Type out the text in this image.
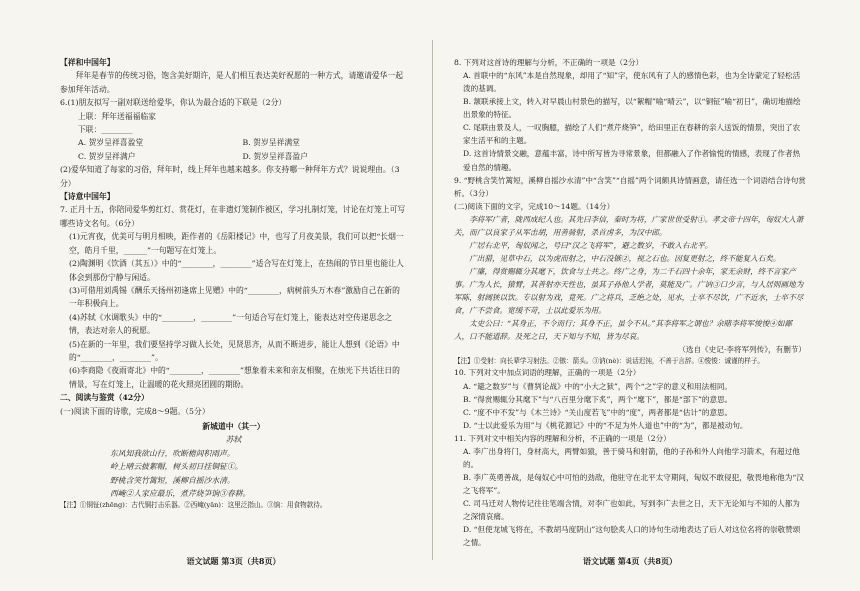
【祥和中国年】

拜年是春节的传统习俗，饱含美好期许，是人们相互表达美好祝愿的一种方式，请邀请爱华一起参加拜年活动。

6.(1)朋友拟写一副对联送给爱华，你认为最合适的下联是（2分）

上联：拜年送福福临家

下联：________

A. 贺岁呈祥喜盈堂	B. 贺岁呈祥满堂
C. 贺岁呈祥满户	D. 贺岁呈祥喜盈户

(2)爱华知道了每家的习俗，拜年时，线上拜年也越来越多。你支持哪一种拜年方式？说说理由。（3分）

【诗意中国年】

7. 正月十五，你陪同爱华剪红灯、赏花灯，在非遗灯笼制作被区，学习扎制灯笼，讨论在灯笼上可写哪些诗文名句。（6分）

(1)元宵夜，优美可与明月相映，距作者的《岳阳楼记》中，也写了月夜美景，我们可以把“长烟一空，皓月千里，______”一句题写在灯笼上。

(2)陶渊明《饮酒（其五）》中的“________，________”适合写在灯笼上，在热闹的节日里也能让人体会到那份宁静与闲适。

(3)可借用刘禹锡《酬乐天扬州初逢席上见赠》中的“________，病树前头万木春”激励自己在新的一年积极向上。

(4)苏轼《水调歌头》中的“________，________”一句适合写在灯笼上，能表达对空传递思念之情，表达对亲人的祝愿。

(5)在新的一年里，我们要坚持学习做人长处，见贤思齐，从而不断进步，能让人想到《论语》中的“________，________”。

(6)李商隐《夜雨寄北》中的“________，________”想象着未来和亲友相聚，在烛光下共话往日的情景，写在灯笼上，让温暖的花火照亮团圆的期盼。

二、阅读与鉴赏（42分）

(一)阅读下面的诗歌，完成8～9题。（5分）

新城道中（其一）

苏轼

东风知我欲山行，吹断檐间积雨声。

岭上晴云披絮帽，树头初日挂铜钲①。

野桃含笑竹篱短，溪柳自摇沙水清。

西崦②人家应最乐，煮芹烧笋饷③春耕。

【注】①铜钲(zhēng)：古代铜打击乐器。②西崦(yān)：这里泛指山。③饷：用食物款待。

语文试题 第3页（共8页）

8. 下列对这首诗的理解与分析，不正确的一项是（2分）

A. 首联中的“东风”本是自然现象，却用了“知”字，使东风有了人的感情色彩，也为全诗蒙定了轻松活泼的基调。

B. 颔联承接上文，转入对早晨山村景色的描写，以“絮帽”喻“晴云”，以“铜钲”喻“初日”，确切地描绘出景象的特征。

C. 尾联由景及人，一叹胸臆，描绘了人们“煮芹烧笋”，给田里正在春耕的亲人送饭的情景，突出了农家生活平和的主题。

D. 这首诗情景交融，意蕴丰富，诗中所写皆为寻常景象，但都融入了作者愉悦的情感，表现了作者热爱自然的情趣。

9. “野桃含笑竹篱短，溪柳自摇沙水清”中“含笑”“自摇”两个词颇具诗情画意，请任选一个词语结合诗句赏析。（3分）

(二)阅读下面的文字，完成10～14题。（14分）

李将军广者，陇西成纪人也。其先曰李信，秦时为将，广家世世受射①。孝文帝十四年，匈奴大入萧关，而广以良家子从军击胡，用善骑射，杀首虏多，为汉中郎。

广居右北平，匈奴闻之，号曰“汉之飞将军”，避之数岁，不敢入右北平。

广出猎，见草中石，以为虎而射之，中石没镞②，视之石也。因复更射之，终不能复入石矣。

广廉，得赏赐辄分其麾下，饮食与士共之。终广之身，为二千石四十余年，家无余财，终不言家产事。广为人长，猿臂，其善射亦天性也，虽其子孙他人学者，莫能及广。广讷③口少言，与人居则画地为军陈，射阔狭以饮。专以射为戏，竟死。广之将兵，乏绝之处，见水，士卒不尽饮，广不近水，士卒不尽食，广不尝食。宽缓不苛，士以此爱乐为用。

太史公曰：“其身正，不令而行；其身不正，虽令不从。”其李将军之谓也？余睹李将军悛悛④如鄙人，口不能道辞。及死之日，天下知与不知，皆为尽哀。

（选自《史记·李将军列传》，有删节）

【注】①受射：向长辈学习射法。②镞：箭头。③讷(nè)：说话迟钝，不善于言辞。④悛悛：诚谨的样子。

10. 下列对文中加点词语的理解，正确的一项是（2分）

A. “避之数岁”与《曹刿论战》中的“小大之狱”，两个“之”字的意义和用法相同。

B. “得赏赐辄分其麾下”与“八百里分麾下炙”，两个“麾下”，都是“部下”的意思。

C. “度不中不发”与《木兰诗》“关山度若飞”中的“度”，两者都是“估计”的意思。

D. “士以此爱乐为用”与《桃花源记》中的“不足为外人道也”中的“为”，都是被动句。

11. 下列对文中相关内容的理解和分析，不正确的一项是（2分）

A. 李广出身将门，身材高大，两臂如猿，善于骑马和射箭，他的子孙和外人向他学习箭术，有超过他的。

B. 李广英勇善战，是匈奴心中可怕的劲敌，他驻守在北平太守期间，匈奴不敢侵犯，敬畏地称他为“汉之飞将军”。

C. 司马迁对人物传记往往笔端含情，对李广也如此，写到李广去世之日，天下无论知与不知的人都为之深情哀痛。

D. “但使龙城飞将在，不教胡马度阴山”这句脍炙人口的诗句生动地表达了后人对这位名将的崇敬赞颂之情。

语文试题 第4页（共8页）
